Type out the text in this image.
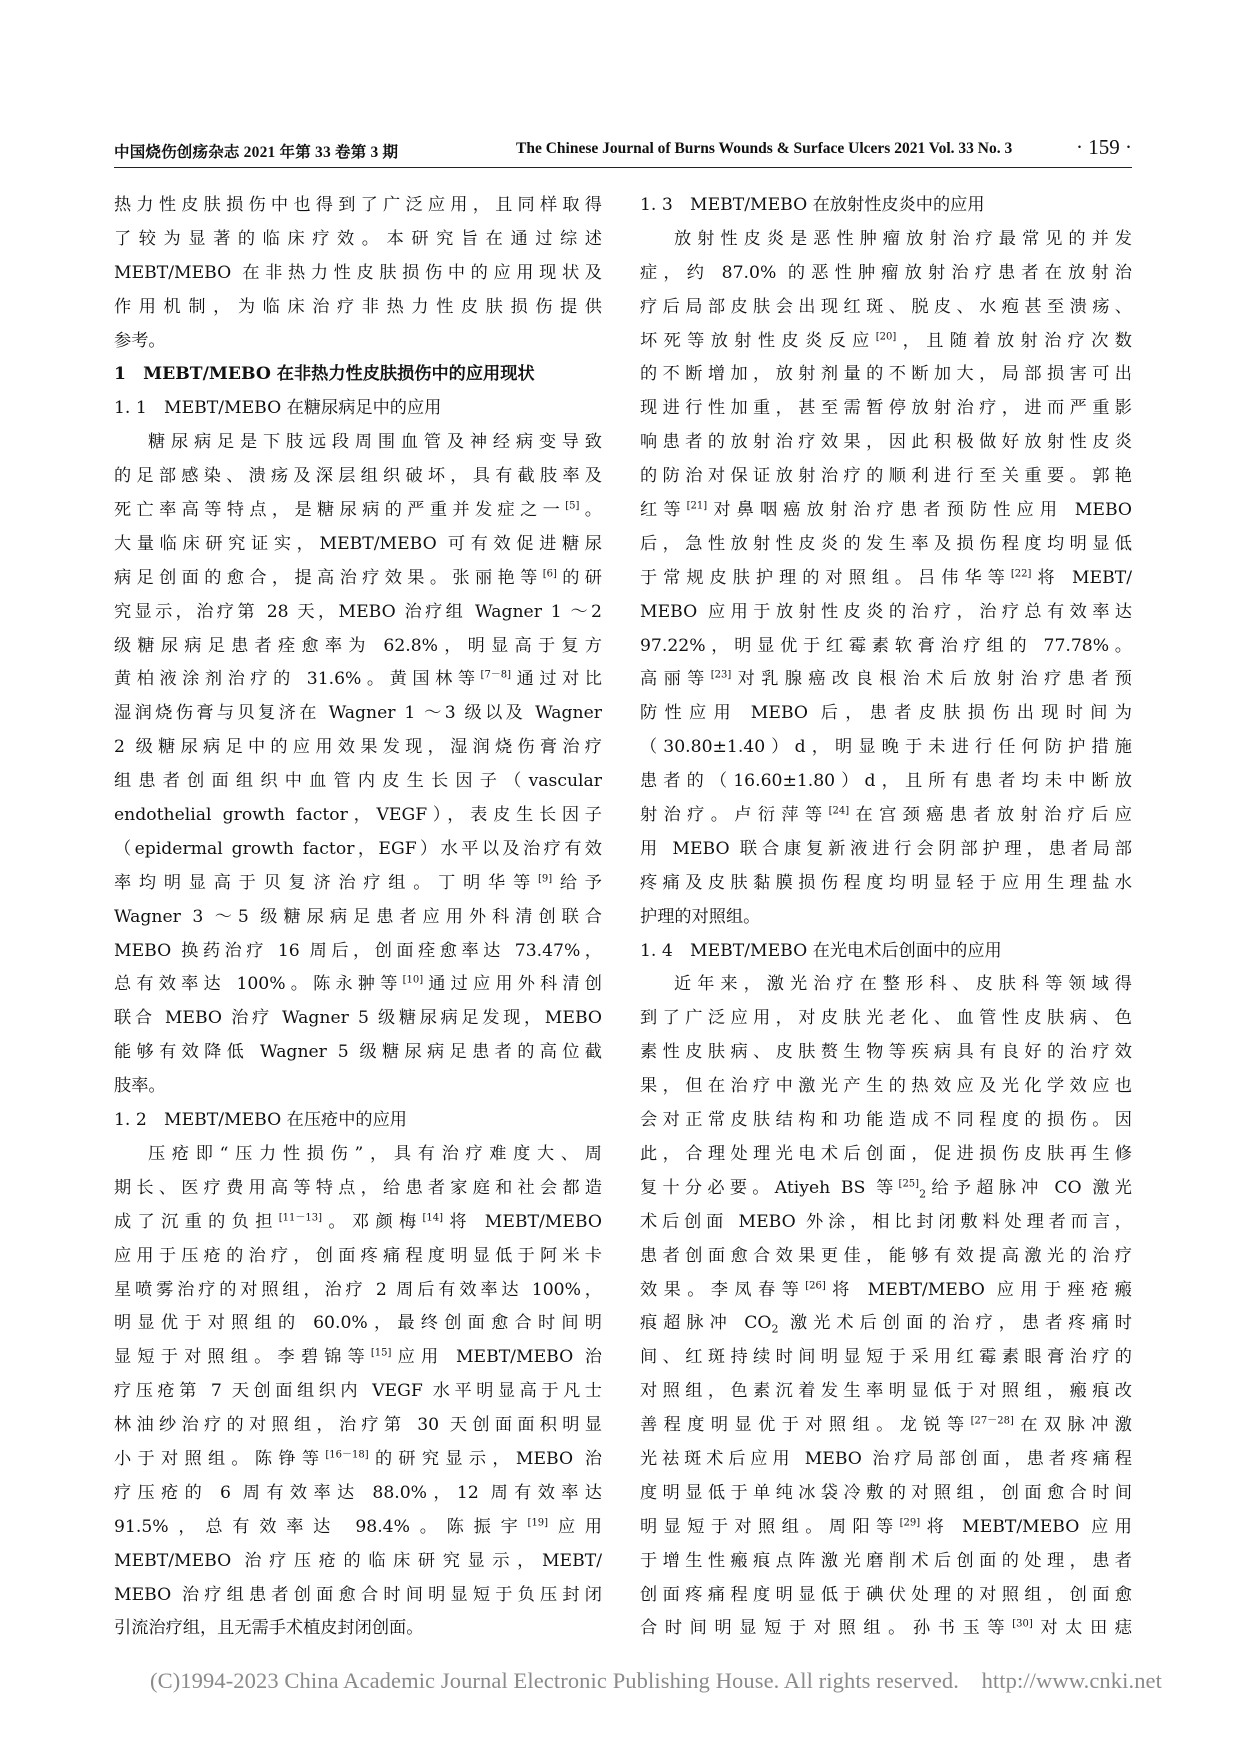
中国烧伤创疡杂志 2021 年第 33 卷第 3 期	The Chinese Journal of Burns Wounds & Surface Ulcers 2021 Vol. 33 No. 3	· 159 ·
热力性皮肤损伤中也得到了广泛应用，且同样取得
了较为显著的临床疗效。本研究旨在通过综述
MEBT/MEBO 在非热力性皮肤损伤中的应用现状及
作用机制，为临床治疗非热力性皮肤损伤提供
参考。
1　MEBT/MEBO 在非热力性皮肤损伤中的应用现状
1. 1　MEBT/MEBO 在糖尿病足中的应用
糖尿病足是下肢远段周围血管及神经病变导致
的足部感染、溃疡及深层组织破坏，具有截肢率及
死亡率高等特点，是糖尿病的严重并发症之一[5]。
大量临床研究证实，MEBT/MEBO 可有效促进糖尿
病足创面的愈合，提高治疗效果。张丽艳等[6]的研
究显示，治疗第 28 天，MEBO 治疗组 Wagner 1 ～2
级糖尿病足患者痊愈率为 62.8%，明显高于复方
黄柏液涂剂治疗的 31.6%。黄国林等[7－8]通过对比
湿润烧伤膏与贝复济在 Wagner 1 ～3 级以及 Wagner
2 级糖尿病足中的应用效果发现，湿润烧伤膏治疗
组患者创面组织中血管内皮生长因子（vascular
endothelial growth factor，VEGF），表皮生长因子
（epidermal growth factor，EGF）水平以及治疗有效
率均明显高于贝复济治疗组。丁明华等[9]给予
Wagner 3 ～5 级糖尿病足患者应用外科清创联合
MEBO 换药治疗 16 周后，创面痊愈率达 73.47%，
总有效率达 100%。陈永翀等[10]通过应用外科清创
联合 MEBO 治疗 Wagner 5 级糖尿病足发现，MEBO
能够有效降低 Wagner 5 级糖尿病足患者的高位截
肢率。
1. 2　MEBT/MEBO 在压疮中的应用
压疮即“压力性损伤”，具有治疗难度大、周
期长、医疗费用高等特点，给患者家庭和社会都造
成了沉重的负担[11－13]。邓颜梅[14]将 MEBT/MEBO
应用于压疮的治疗，创面疼痛程度明显低于阿米卡
星喷雾治疗的对照组，治疗 2 周后有效率达 100%，
明显优于对照组的 60.0%，最终创面愈合时间明
显短于对照组。李碧锦等[15]应用 MEBT/MEBO 治
疗压疮第 7 天创面组织内 VEGF 水平明显高于凡士
林油纱治疗的对照组，治疗第 30 天创面面积明显
小于对照组。陈铮等[16－18]的研究显示，MEBO 治
疗压疮的 6 周有效率达 88.0%，12 周有效率达
91.5%，总有效率达 98.4%。陈振宇[19]应用
MEBT/MEBO 治疗压疮的临床研究显示，MEBT/
MEBO 治疗组患者创面愈合时间明显短于负压封闭
引流治疗组，且无需手术植皮封闭创面。
1. 3　MEBT/MEBO 在放射性皮炎中的应用
放射性皮炎是恶性肿瘤放射治疗最常见的并发
症，约 87.0% 的恶性肿瘤放射治疗患者在放射治
疗后局部皮肤会出现红斑、脱皮、水疱甚至溃疡、
坏死等放射性皮炎反应[20]，且随着放射治疗次数
的不断增加，放射剂量的不断加大，局部损害可出
现进行性加重，甚至需暂停放射治疗，进而严重影
响患者的放射治疗效果，因此积极做好放射性皮炎
的防治对保证放射治疗的顺利进行至关重要。郭艳
红等[21]对鼻咽癌放射治疗患者预防性应用 MEBO
后，急性放射性皮炎的发生率及损伤程度均明显低
于常规皮肤护理的对照组。吕伟华等[22]将 MEBT/
MEBO 应用于放射性皮炎的治疗，治疗总有效率达
97.22%，明显优于红霉素软膏治疗组的 77.78%。
高丽等[23]对乳腺癌改良根治术后放射治疗患者预
防性应用 MEBO 后，患者皮肤损伤出现时间为
（30.80±1.40）d，明显晚于未进行任何防护措施
患者的（16.60±1.80）d，且所有患者均未中断放
射治疗。卢衍萍等[24]在宫颈癌患者放射治疗后应
用 MEBO 联合康复新液进行会阴部护理，患者局部
疼痛及皮肤黏膜损伤程度均明显轻于应用生理盐水
护理的对照组。
1. 4　MEBT/MEBO 在光电术后创面中的应用
近年来，激光治疗在整形科、皮肤科等领域得
到了广泛应用，对皮肤光老化、血管性皮肤病、色
素性皮肤病、皮肤赘生物等疾病具有良好的治疗效
果，但在治疗中激光产生的热效应及光化学效应也
会对正常皮肤结构和功能造成不同程度的损伤。因
此，合理处理光电术后创面，促进损伤皮肤再生修
复十分必要。Atiyeh BS 等[25]$_2$给予超脉冲 CO 激光
术后创面 MEBO 外涂，相比封闭敷料处理者而言，
患者创面愈合效果更佳，能够有效提高激光的治疗
效果。李凤春等[26]将 MEBT/MEBO 应用于痤疮瘢
痕超脉冲 $CO_2$ 激光术后创面的治疗，患者疼痛时
间、红斑持续时间明显短于采用红霉素眼膏治疗的
对照组，色素沉着发生率明显低于对照组，瘢痕改
善程度明显优于对照组。龙锐等[27－28]在双脉冲激
光祛斑术后应用 MEBO 治疗局部创面，患者疼痛程
度明显低于单纯冰袋冷敷的对照组，创面愈合时间
明显短于对照组。周阳等[29]将 MEBT/MEBO 应用
于增生性瘢痕点阵激光磨削术后创面的处理，患者
创面疼痛程度明显低于碘伏处理的对照组，创面愈
合时间明显短于对照组。孙书玉等[30]对太田痣
(C)1994-2023 China Academic Journal Electronic Publishing House. All rights reserved.　http://www.cnki.net
